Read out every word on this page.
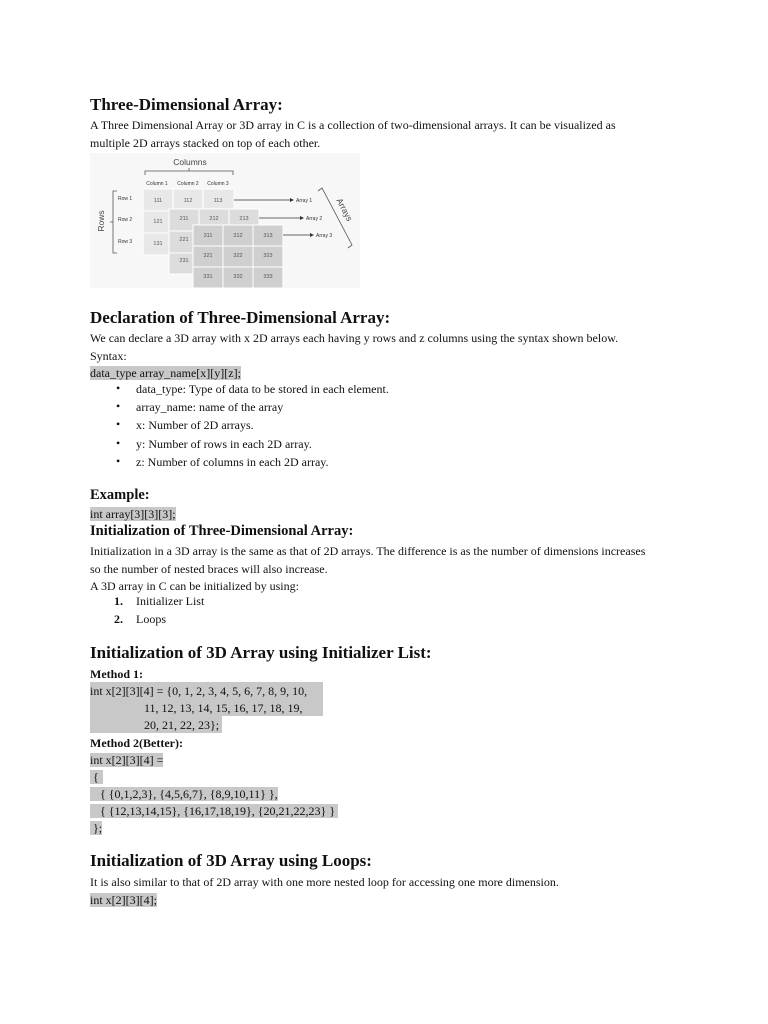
Three-Dimensional Array:
A Three Dimensional Array or 3D array in C is a collection of two-dimensional arrays. It can be visualized as
multiple 2D arrays stacked on top of each other.
Columns
Column 1 Column 2 Column 3
Rows
Row 1
Row 2
Row 3
111	112	113
121
131
211	212	213
221
231
311	312	313
321	322	323
331	332	333
Array 1
Array 2
Array 3
Arrays
Declaration of Three-Dimensional Array:
We can declare a 3D array with x 2D arrays each having y rows and z columns using the syntax shown below.
Syntax:
data_type array_name[x][y][z];
• data_type: Type of data to be stored in each element.
• array_name: name of the array
• x: Number of 2D arrays.
• y: Number of rows in each 2D array.
• z: Number of columns in each 2D array.
Example:
int array[3][3][3];
Initialization of Three-Dimensional Array:
Initialization in a 3D array is the same as that of 2D arrays. The difference is as the number of dimensions increases
so the number of nested braces will also increase.
A 3D array in C can be initialized by using:
1. Initializer List
2. Loops
Initialization of 3D Array using Initializer List:
Method 1:
int x[2][3][4] = {0, 1, 2, 3, 4, 5, 6, 7, 8, 9, 10,
11, 12, 13, 14, 15, 16, 17, 18, 19,
20, 21, 22, 23};
Method 2(Better):
int x[2][3][4] =
{
{ {0,1,2,3}, {4,5,6,7}, {8,9,10,11} },
{ {12,13,14,15}, {16,17,18,19}, {20,21,22,23} }
};
Initialization of 3D Array using Loops:
It is also similar to that of 2D array with one more nested loop for accessing one more dimension.
int x[2][3][4];
